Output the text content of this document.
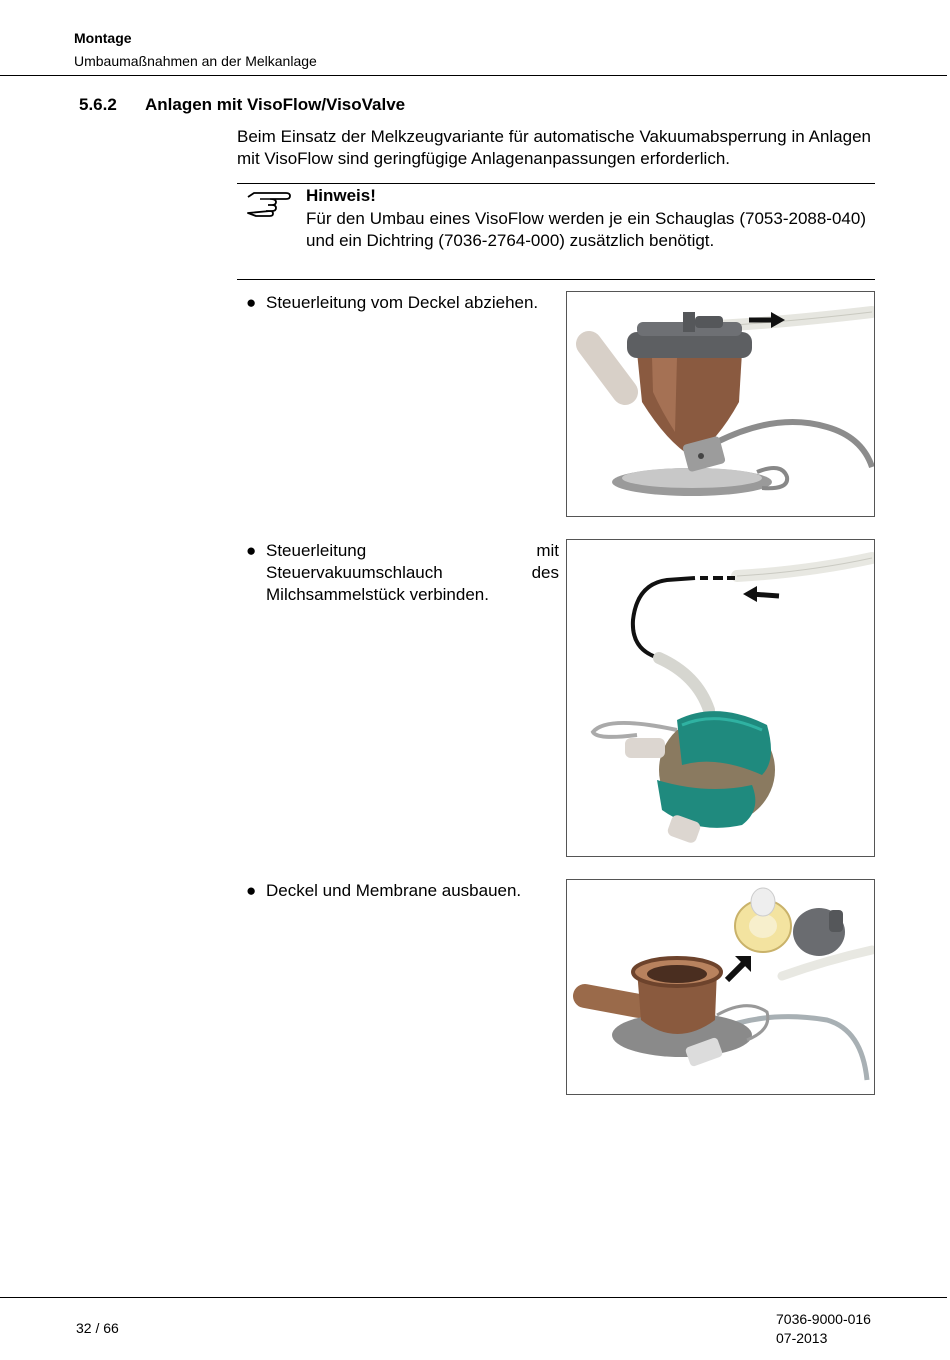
Montage
Umbaumaßnahmen an der Melkanlage
5.6.2 Anlagen mit VisoFlow/VisoValve
Beim Einsatz der Melkzeugvariante für automatische Vakuumabsperrung in Anlagen mit VisoFlow sind geringfügige Anlagenanpassungen erforderlich.
Hinweis!
Für den Umbau eines VisoFlow werden je ein Schauglas (7053-2088-040) und ein Dichtring (7036-2764-000) zusätzlich benötigt.
● Steuerleitung vom Deckel abziehen.
● Steuerleitung mit Steuervakuumschlauch des Milchsammelstück verbinden.
● Deckel und Membrane ausbauen.
32 / 66
7036-9000-016
07-2013
